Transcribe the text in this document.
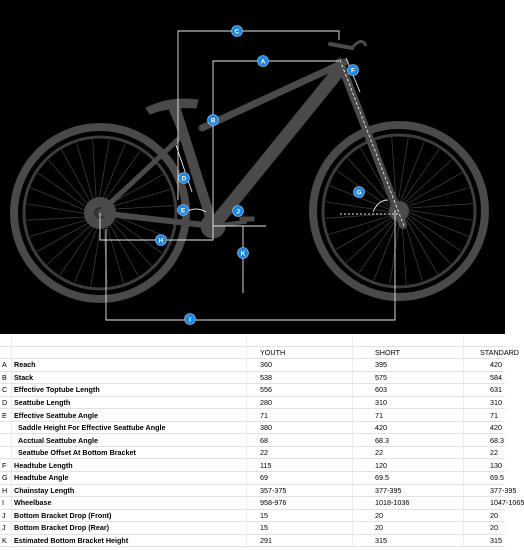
A
B
C
D
E
F
G
H
I
J
K

		YOUTH	SHORT	STANDARD
A	Reach	360	395	420
B	Stack	538	575	584
C	Effective Toptube Length	556	603	631
D	Seattube Length	280	310	310
E	Effective Seattube Angle	71	71	71
	Saddle Height For Effective Seattube Angle	380	420	420
	Acctual Seattube Angle	68	68.3	68.3
	Seattube Offset At Bottom Bracket	22	22	22
F	Headtube Length	115	120	130
G	Headtube Angle	69	69.5	69.5
H	Chainstay Length	357-375	377-395	377-395
I	Wheelbase	958-976	1018-1036	1047-1065
J	Bottom Bracket Drop (Front)	15	20	20
J	Bottom Bracket Drop (Rear)	15	20	20
K	Estimated Bottom Bracket Height	291	315	315
